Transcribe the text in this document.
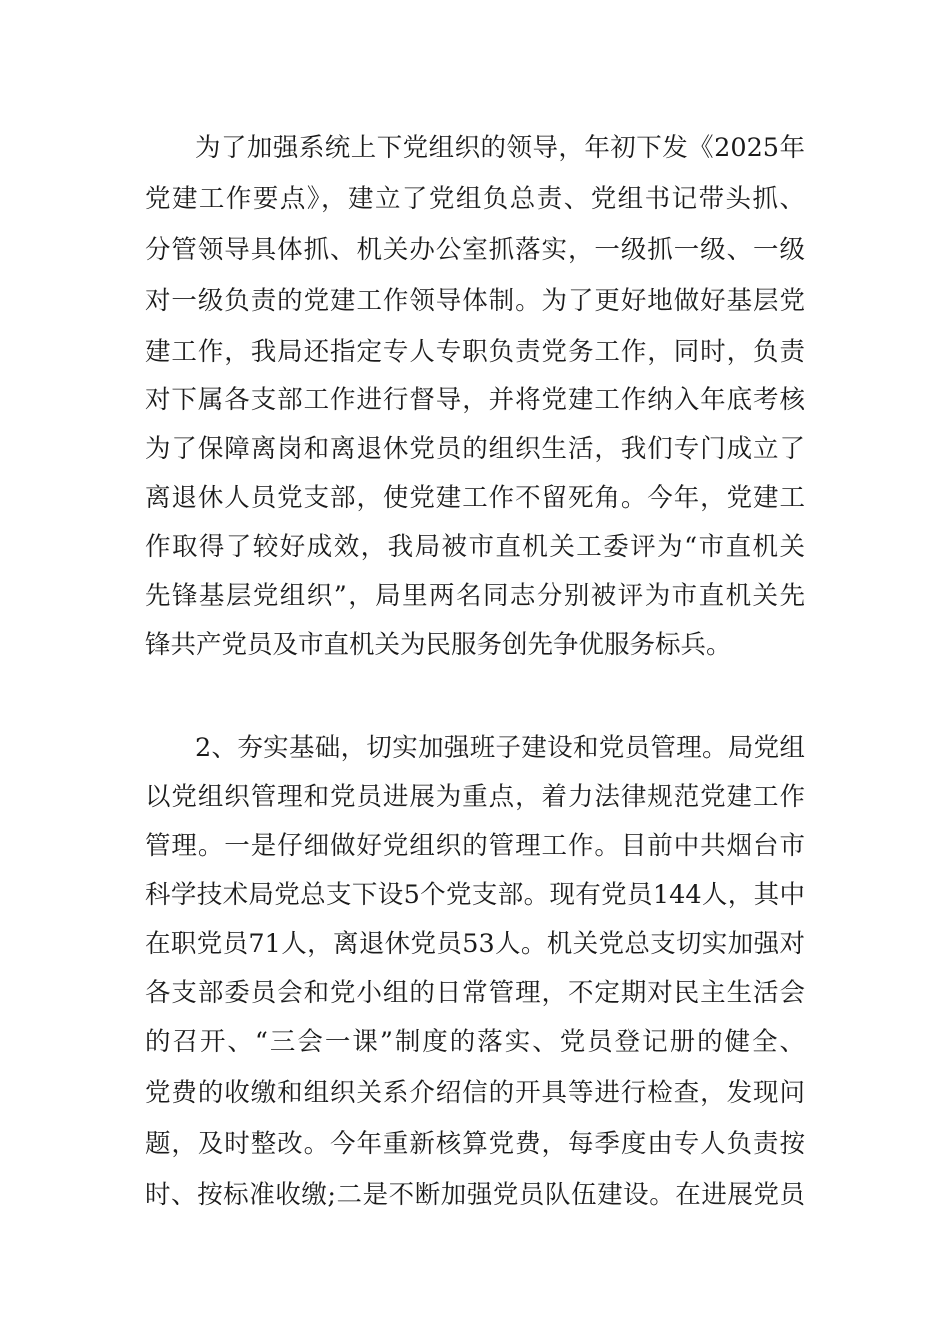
为了加强系统上下党组织的领导，年初下发《2025年

党建工作要点》，建立了党组负总责、党组书记带头抓、

分管领导具体抓、机关办公室抓落实，一级抓一级、一级

对一级负责的党建工作领导体制。为了更好地做好基层党

建工作，我局还指定专人专职负责党务工作，同时，负责

对下属各支部工作进行督导，并将党建工作纳入年底考核

为了保障离岗和离退休党员的组织生活，我们专门成立了

离退休人员党支部，使党建工作不留死角。今年，党建工

作取得了较好成效，我局被市直机关工委评为“市直机关

先锋基层党组织”，局里两名同志分别被评为市直机关先

锋共产党员及市直机关为民服务创先争优服务标兵。

2、夯实基础，切实加强班子建设和党员管理。局党组

以党组织管理和党员进展为重点，着力法律规范党建工作

管理。一是仔细做好党组织的管理工作。目前中共烟台市

科学技术局党总支下设5个党支部。现有党员144人，其中

在职党员71人，离退休党员53人。机关党总支切实加强对

各支部委员会和党小组的日常管理，不定期对民主生活会

的召开、“三会一课”制度的落实、党员登记册的健全、

党费的收缴和组织关系介绍信的开具等进行检查，发现问

题，及时整改。今年重新核算党费，每季度由专人负责按

时、按标准收缴;二是不断加强党员队伍建设。在进展党员
